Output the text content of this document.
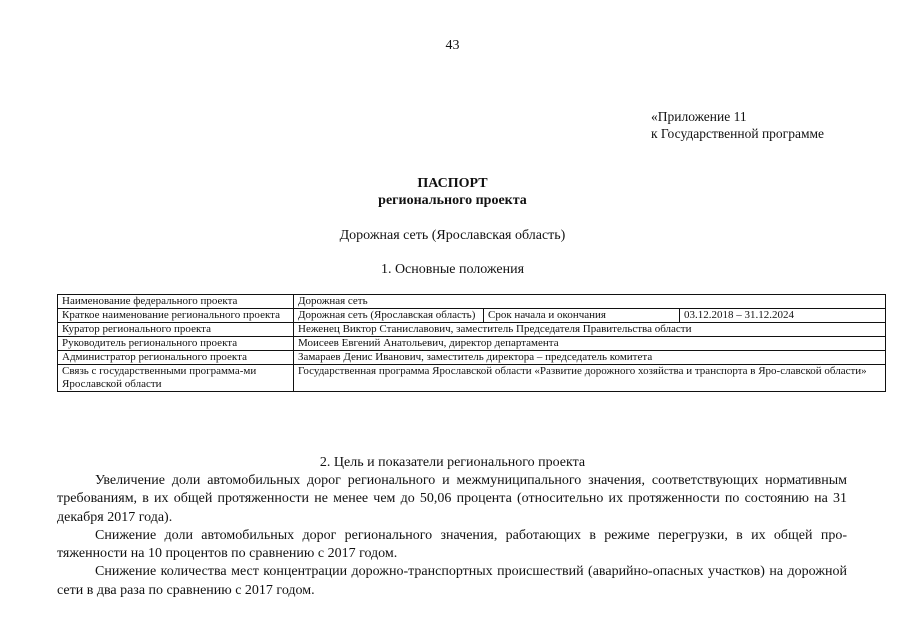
43
«Приложение 11
к Государственной программе
ПАСПОРТ
регионального проекта
Дорожная сеть (Ярославская область)
1. Основные положения
Наименование федерального проекта	Дорожная сеть		
Краткое наименование регионального проекта	Дорожная сеть (Ярославская область)	Срок начала и окончания	03.12.2018 – 31.12.2024
Куратор регионального проекта	Неженец Виктор Станиславович, заместитель Председателя Правительства области		
Руководитель регионального проекта	Моисеев Евгений Анатольевич, директор департамента		
Администратор регионального проекта	Замараев Денис Иванович, заместитель директора – председатель комитета		
Связь с государственными программа-ми Ярославской области	Государственная программа Ярославской области «Развитие дорожного хозяйства и транспорта в Яро-славской области»		
2. Цель и показатели регионального проекта

Увеличение доли автомобильных дорог регионального и межмуниципального значения, соответствующих нормативным требованиям, в их общей протяженности не менее чем до 50,06 процента (относительно их протяженности по состоянию на 31 декабря 2017 года).

Снижение доли автомобильных дорог регионального значения, работающих в режиме перегрузки, в их общей протяженности на 10 процентов по сравнению с 2017 годом.

Снижение количества мест концентрации дорожно-транспортных происшествий (аварийно-опасных участков) на дорожной сети в два раза по сравнению с 2017 годом.
